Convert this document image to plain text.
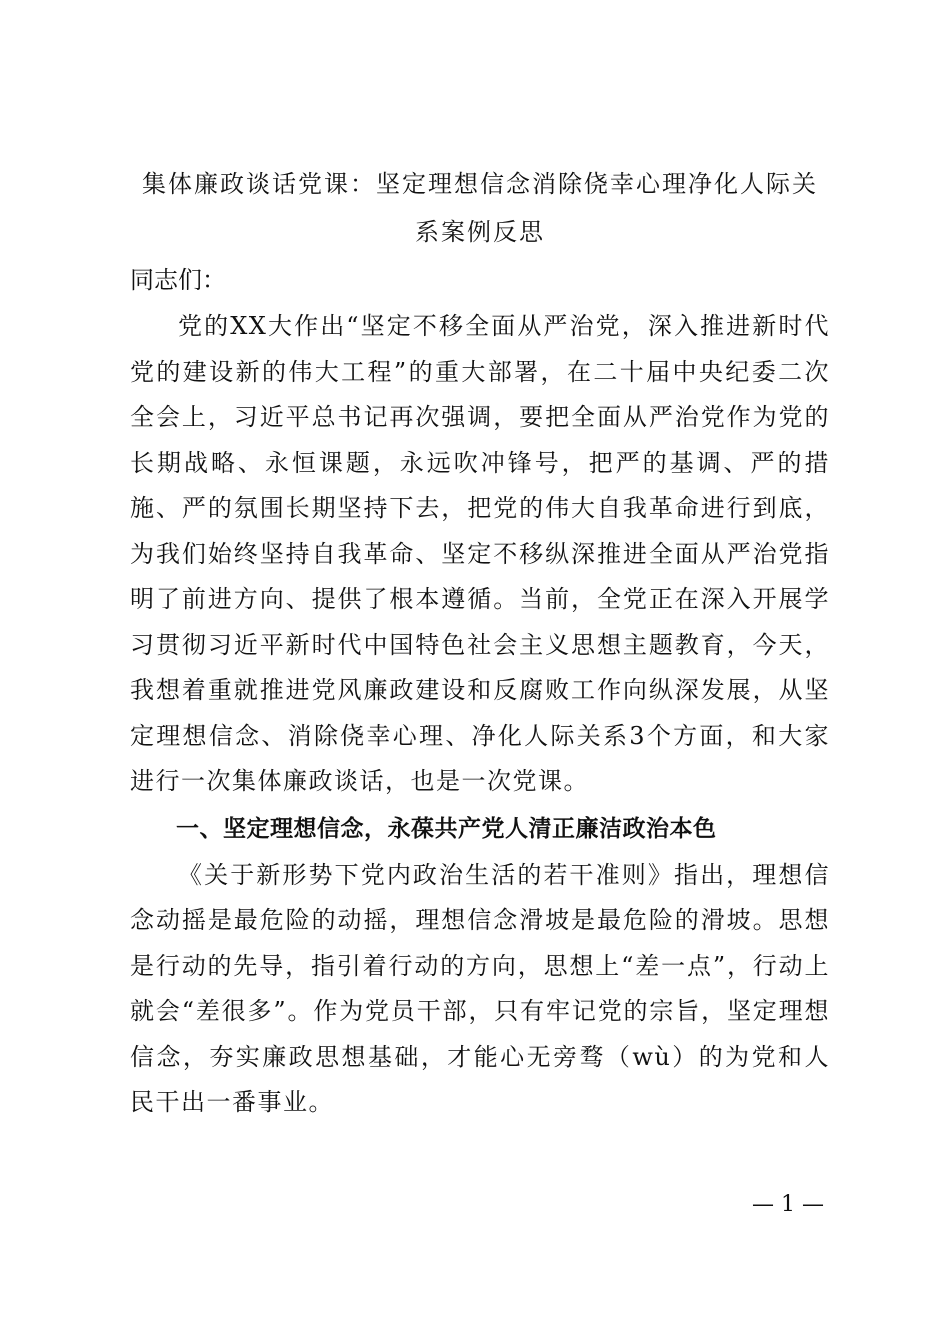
集体廉政谈话党课：坚定理想信念消除侥幸心理净化人际关系案例反思

同志们：

党的XX大作出“坚定不移全面从严治党，深入推进新时代党的建设新的伟大工程”的重大部署，在二十届中央纪委二次全会上，习近平总书记再次强调，要把全面从严治党作为党的长期战略、永恒课题，永远吹冲锋号，把严的基调、严的措施、严的氛围长期坚持下去，把党的伟大自我革命进行到底，为我们始终坚持自我革命、坚定不移纵深推进全面从严治党指明了前进方向、提供了根本遵循。当前，全党正在深入开展学习贯彻习近平新时代中国特色社会主义思想主题教育，今天，我想着重就推进党风廉政建设和反腐败工作向纵深发展，从坚定理想信念、消除侥幸心理、净化人际关系3个方面，和大家进行一次集体廉政谈话，也是一次党课。

一、坚定理想信念，永葆共产党人清正廉洁政治本色

《关于新形势下党内政治生活的若干准则》指出，理想信念动摇是最危险的动摇，理想信念滑坡是最危险的滑坡。思想是行动的先导，指引着行动的方向，思想上“差一点”，行动上就会“差很多”。作为党员干部，只有牢记党的宗旨，坚定理想信念，夯实廉政思想基础，才能心无旁骛（wù）的为党和人民干出一番事业。

— 1 —
